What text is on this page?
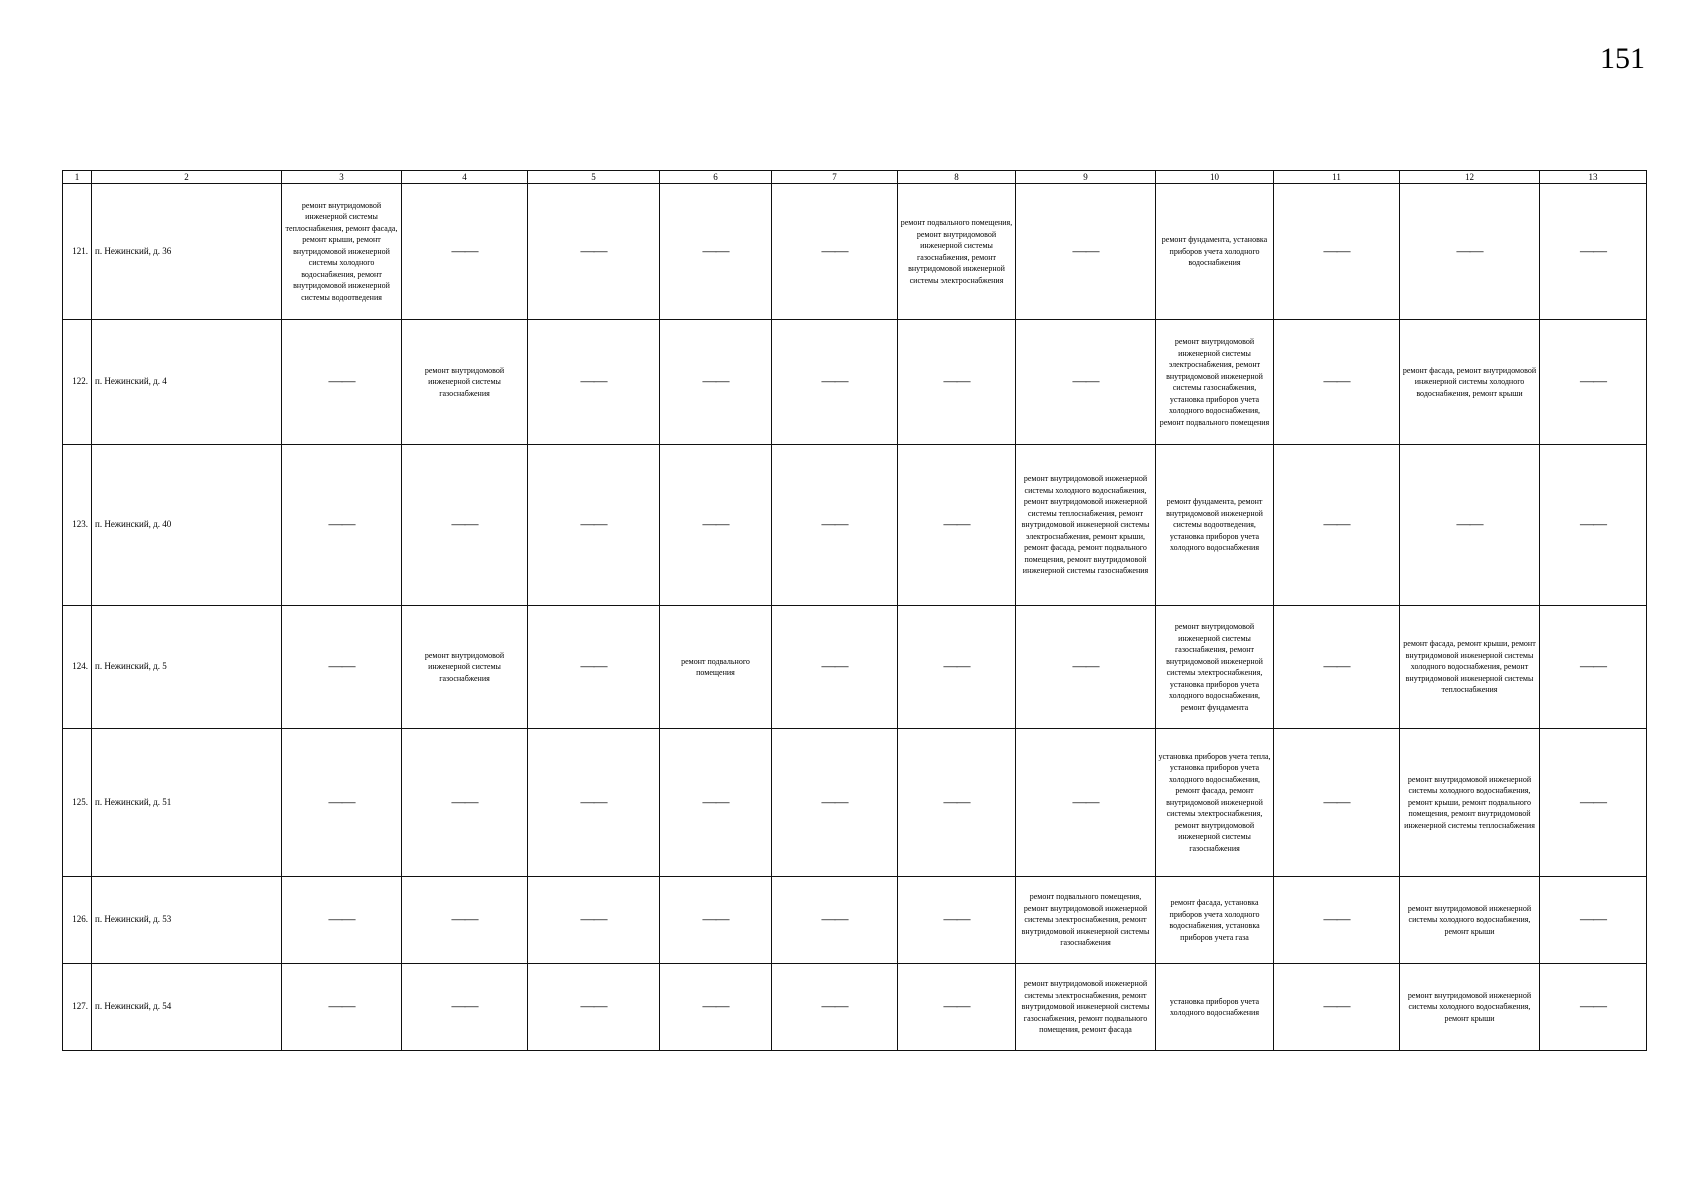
151
1	2	3	4	5	6	7	8	9	10	11	12	13
121.	п. Нежинский, д. 36	ремонт внутридомовой инженерной системы теплоснабжения, ремонт фасада, ремонт крыши, ремонт внутридомовой инженерной системы холодного водоснабжения, ремонт внутридомовой инженерной системы водоотведения	——	——	——	——	ремонт подвального помещения, ремонт внутридомовой инженерной системы газоснабжения, ремонт внутридомовой инженерной системы электроснабжения	——	ремонт фундамента, установка приборов учета холодного водоснабжения	——	——	——
122.	п. Нежинский, д. 4	——	ремонт внутридомовой инженерной системы газоснабжения	——	——	——	——	——	ремонт внутридомовой инженерной системы электроснабжения, ремонт внутридомовой инженерной системы газоснабжения, установка приборов учета холодного водоснабжения, ремонт подвального помещения	——	ремонт фасада, ремонт внутридомовой инженерной системы холодного водоснабжения, ремонт крыши	——
123.	п. Нежинский, д. 40	——	——	——	——	——	——	ремонт внутридомовой инженерной системы холодного водоснабжения, ремонт внутридомовой инженерной системы теплоснабжения, ремонт внутридомовой инженерной системы электроснабжения, ремонт крыши, ремонт фасада, ремонт подвального помещения, ремонт внутридомовой инженерной системы газоснабжения	ремонт фундамента, ремонт внутридомовой инженерной системы водоотведения, установка приборов учета холодного водоснабжения	——	——	——
124.	п. Нежинский, д. 5	——	ремонт внутридомовой инженерной системы газоснабжения	——	ремонт подвального помещения	——	——	——	ремонт внутридомовой инженерной системы газоснабжения, ремонт внутридомовой инженерной системы электроснабжения, установка приборов учета холодного водоснабжения, ремонт фундамента	——	ремонт фасада, ремонт крыши, ремонт внутридомовой инженерной системы холодного водоснабжения, ремонт внутридомовой инженерной системы теплоснабжения	——
125.	п. Нежинский, д. 51	——	——	——	——	——	——	——	установка приборов учета тепла, установка приборов учета холодного водоснабжения, ремонт фасада, ремонт внутридомовой инженерной системы электроснабжения, ремонт внутридомовой инженерной системы газоснабжения	——	ремонт внутридомовой инженерной системы холодного водоснабжения, ремонт крыши, ремонт подвального помещения, ремонт внутридомовой инженерной системы теплоснабжения	——
126.	п. Нежинский, д. 53	——	——	——	——	——	——	ремонт подвального помещения, ремонт внутридомовой инженерной системы электроснабжения, ремонт внутридомовой инженерной системы газоснабжения	ремонт фасада, установка приборов учета холодного водоснабжения, установка приборов учета газа	——	ремонт внутридомовой инженерной системы холодного водоснабжения, ремонт крыши	——
127.	п. Нежинский, д. 54	——	——	——	——	——	——	ремонт внутридомовой инженерной системы электроснабжения, ремонт внутридомовой инженерной системы газоснабжения, ремонт подвального помещения, ремонт фасада	установка приборов учета холодного водоснабжения	——	ремонт внутридомовой инженерной системы холодного водоснабжения, ремонт крыши	——
